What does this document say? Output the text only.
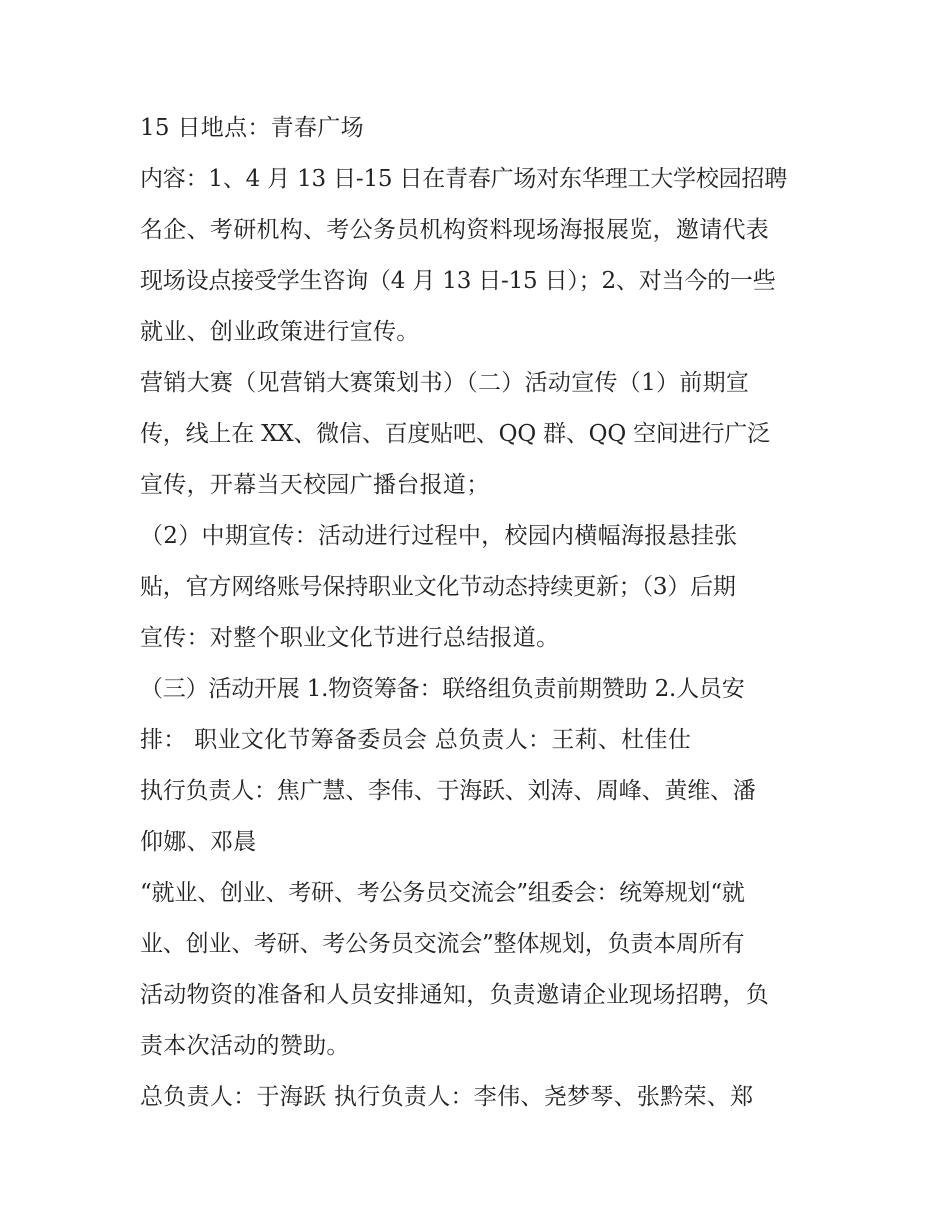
15 日地点：青春广场
内容：1、4 月 13 日-15 日在青春广场对东华理工大学校园招聘
名企、考研机构、考公务员机构资料现场海报展览，邀请代表
现场设点接受学生咨询（4 月 13 日-15 日）；2、对当今的一些
就业、创业政策进行宣传。
营销大赛（见营销大赛策划书）（二）活动宣传（1）前期宣
传，线上在 XX、微信、百度贴吧、QQ 群、QQ 空间进行广泛
宣传，开幕当天校园广播台报道；
（2）中期宣传：活动进行过程中，校园内横幅海报悬挂张
贴，官方网络账号保持职业文化节动态持续更新；（3）后期
宣传：对整个职业文化节进行总结报道。
（三）活动开展 1.物资筹备：联络组负责前期赞助 2.人员安
排： 职业文化节筹备委员会 总负责人：王莉、杜佳仕
执行负责人：焦广慧、李伟、于海跃、刘涛、周峰、黄维、潘
仰娜、邓晨
“就业、创业、考研、考公务员交流会”组委会：统筹规划“就
业、创业、考研、考公务员交流会”整体规划，负责本周所有
活动物资的准备和人员安排通知，负责邀请企业现场招聘，负
责本次活动的赞助。
总负责人：于海跃 执行负责人：李伟、尧梦琴、张黔荣、郑
